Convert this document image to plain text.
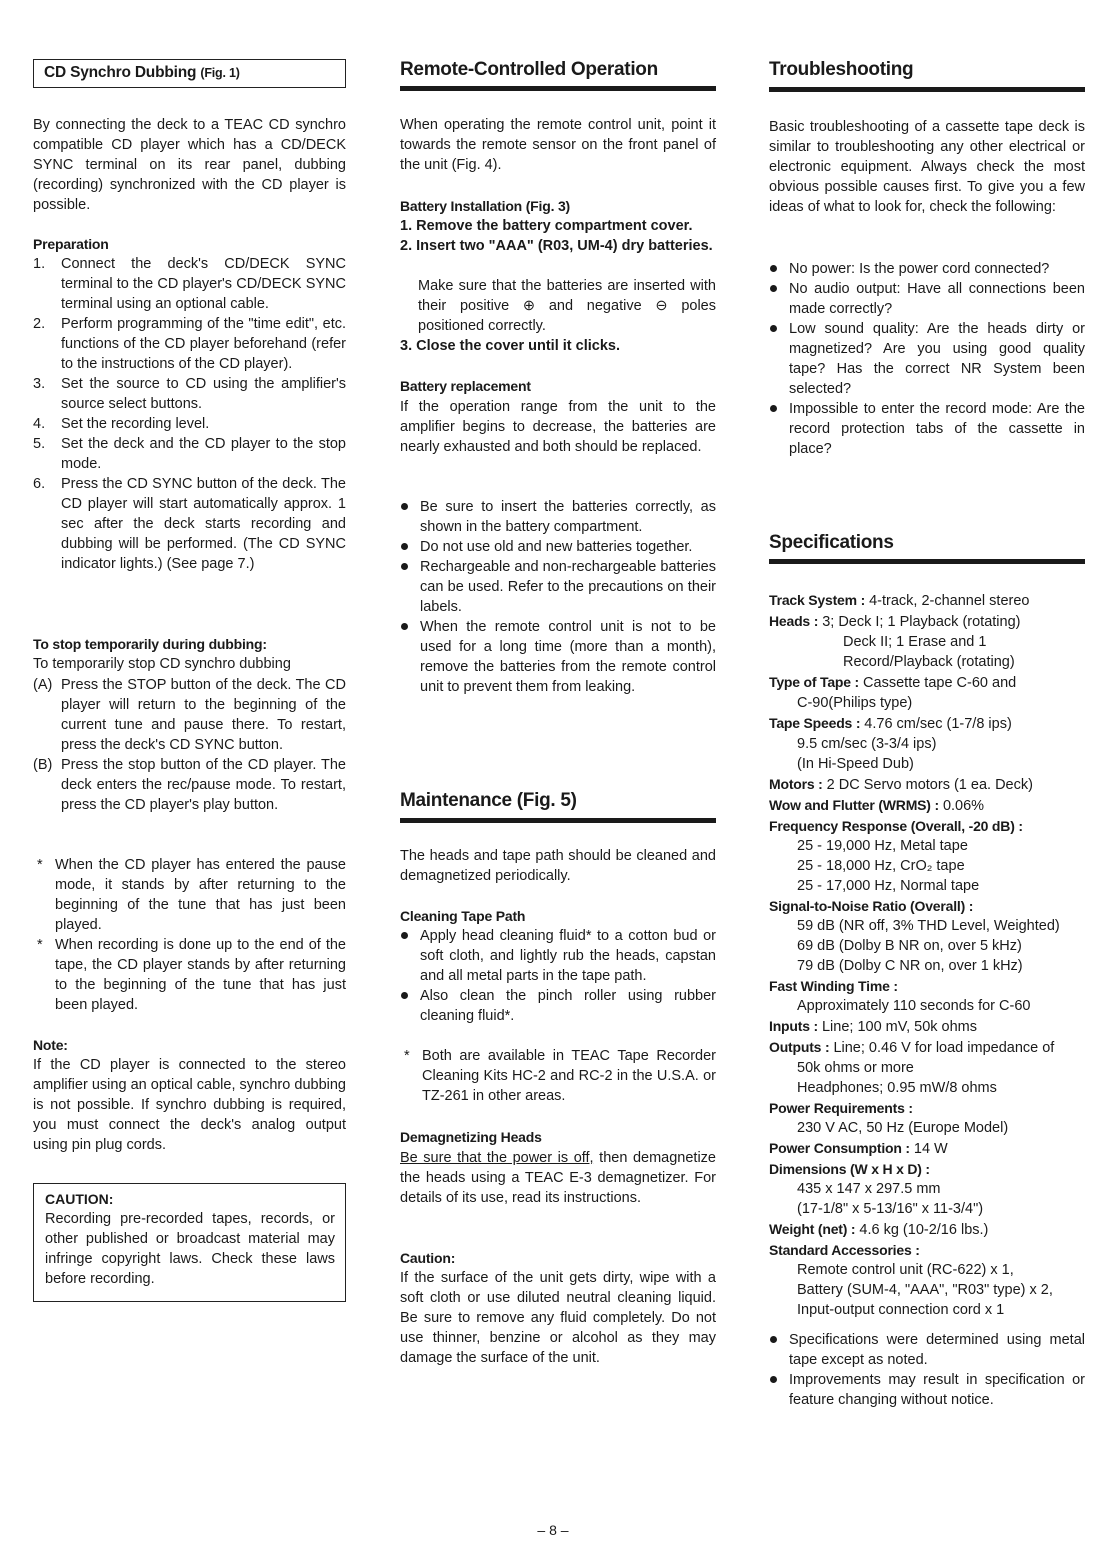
CD Synchro Dubbing (Fig. 1)
By connecting the deck to a TEAC CD synchro compatible CD player which has a CD/DECK SYNC terminal on its rear panel, dubbing (recording) synchronized with the CD player is possible.
Preparation
1. Connect the deck's CD/DECK SYNC terminal to the CD player's CD/DECK SYNC terminal using an optional cable.
2. Perform programming of the "time edit", etc. functions of the CD player beforehand (refer to the instructions of the CD player).
3. Set the source to CD using the amplifier's source select buttons.
4. Set the recording level.
5. Set the deck and the CD player to the stop mode.
6. Press the CD SYNC button of the deck. The CD player will start automatically approx. 1 sec after the deck starts recording and dubbing will be performed. (The CD SYNC indicator lights.) (See page 7.)
To stop temporarily during dubbing:
To temporarily stop CD synchro dubbing
(A) Press the STOP button of the deck. The CD player will return to the beginning of the current tune and pause there. To restart, press the deck's CD SYNC button.
(B) Press the stop button of the CD player. The deck enters the rec/pause mode. To restart, press the CD player's play button.
* When the CD player has entered the pause mode, it stands by after returning to the beginning of the tune that has just been played.
* When recording is done up to the end of the tape, the CD player stands by after returning to the beginning of the tune that has just been played.
Note:
If the CD player is connected to the stereo amplifier using an optical cable, synchro dubbing is not possible. If synchro dubbing is required, you must connect the deck's analog output using pin plug cords.
CAUTION:
Recording pre-recorded tapes, records, or other published or broadcast material may infringe copyright laws. Check these laws before recording.
Remote-Controlled Operation
When operating the remote control unit, point it towards the remote sensor on the front panel of the unit (Fig. 4).
Battery Installation (Fig. 3)
1. Remove the battery compartment cover.
2. Insert two "AAA" (R03, UM-4) dry batteries.
Make sure that the batteries are inserted with their positive ⊕ and negative ⊖ poles positioned correctly.
3. Close the cover until it clicks.
Battery replacement
If the operation range from the unit to the amplifier begins to decrease, the batteries are nearly exhausted and both should be replaced.
Be sure to insert the batteries correctly, as shown in the battery compartment.
Do not use old and new batteries together.
Rechargeable and non-rechargeable batteries can be used. Refer to the precautions on their labels.
When the remote control unit is not to be used for a long time (more than a month), remove the batteries from the remote control unit to prevent them from leaking.
Maintenance (Fig. 5)
The heads and tape path should be cleaned and demagnetized periodically.
Cleaning Tape Path
Apply head cleaning fluid* to a cotton bud or soft cloth, and lightly rub the heads, capstan and all metal parts in the tape path.
Also clean the pinch roller using rubber cleaning fluid*.
* Both are available in TEAC Tape Recorder Cleaning Kits HC-2 and RC-2 in the U.S.A. or TZ-261 in other areas.
Demagnetizing Heads
Be sure that the power is off, then demagnetize the heads using a TEAC E-3 demagnetizer. For details of its use, read its instructions.
Caution:
If the surface of the unit gets dirty, wipe with a soft cloth or use diluted neutral cleaning liquid. Be sure to remove any fluid completely. Do not use thinner, benzine or alcohol as they may damage the surface of the unit.
Troubleshooting
Basic troubleshooting of a cassette tape deck is similar to troubleshooting any other electrical or electronic equipment. Always check the most obvious possible causes first. To give you a few ideas of what to look for, check the following:
No power: Is the power cord connected?
No audio output: Have all connections been made correctly?
Low sound quality: Are the heads dirty or magnetized? Are you using good quality tape? Has the correct NR System been selected?
Impossible to enter the record mode: Are the record protection tabs of the cassette in place?
Specifications

Track System : 4-track, 2-channel stereo

Heads : 3; Deck I; 1 Playback (rotating)

Deck II; 1 Erase and 1

Record/Playback (rotating)

Type of Tape : Cassette tape C-60 and

C-90(Philips type)

Tape Speeds : 4.76 cm/sec (1-7/8 ips)

9.5 cm/sec (3-3/4 ips)

(In Hi-Speed Dub)

Motors : 2 DC Servo motors (1 ea. Deck)

Wow and Flutter (WRMS) : 0.06%

Frequency Response (Overall, -20 dB) :

25 - 19,000 Hz, Metal tape

25 - 18,000 Hz, CrO₂ tape

25 - 17,000 Hz, Normal tape

Signal-to-Noise Ratio (Overall) :

59 dB (NR off, 3% THD Level, Weighted)

69 dB (Dolby B NR on, over 5 kHz)

79 dB (Dolby C NR on, over 1 kHz)

Fast Winding Time :

Approximately 110 seconds for C-60

Inputs : Line; 100 mV, 50k ohms

Outputs : Line; 0.46 V for load impedance of

50k ohms or more

Headphones; 0.95 mW/8 ohms

Power Requirements :

230 V AC, 50 Hz (Europe Model)

Power Consumption : 14 W

Dimensions (W x H x D) :

435 x 147 x 297.5 mm

(17-1/8" x 5-13/16" x 11-3/4")

Weight (net) : 4.6 kg (10-2/16 lbs.)

Standard Accessories :

Remote control unit (RC-622) x 1,

Battery (SUM-4, "AAA", "R03" type) x 2,

Input-output connection cord x 1

Specifications were determined using metal tape except as noted.
Improvements may result in specification or feature changing without notice.
– 8 –
